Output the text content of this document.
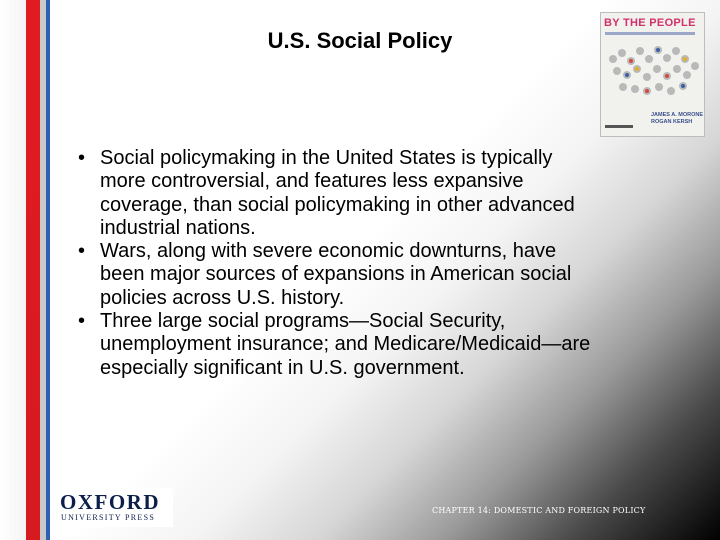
U.S. Social Policy
BY THE PEOPLE
JAMES A. MORONE
ROGAN KERSH
• Social policymaking in the United States is typically
more controversial, and features less expansive
coverage, than social policymaking in other advanced
industrial nations.
• Wars, along with severe economic downturns, have
been major sources of expansions in American social
policies across U.S. history.
• Three large social programs—Social Security,
unemployment insurance; and Medicare/Medicaid—are
especially significant in U.S. government.
OXFORD
UNIVERSITY PRESS
CHAPTER 14: DOMESTIC AND FOREIGN POLICY
